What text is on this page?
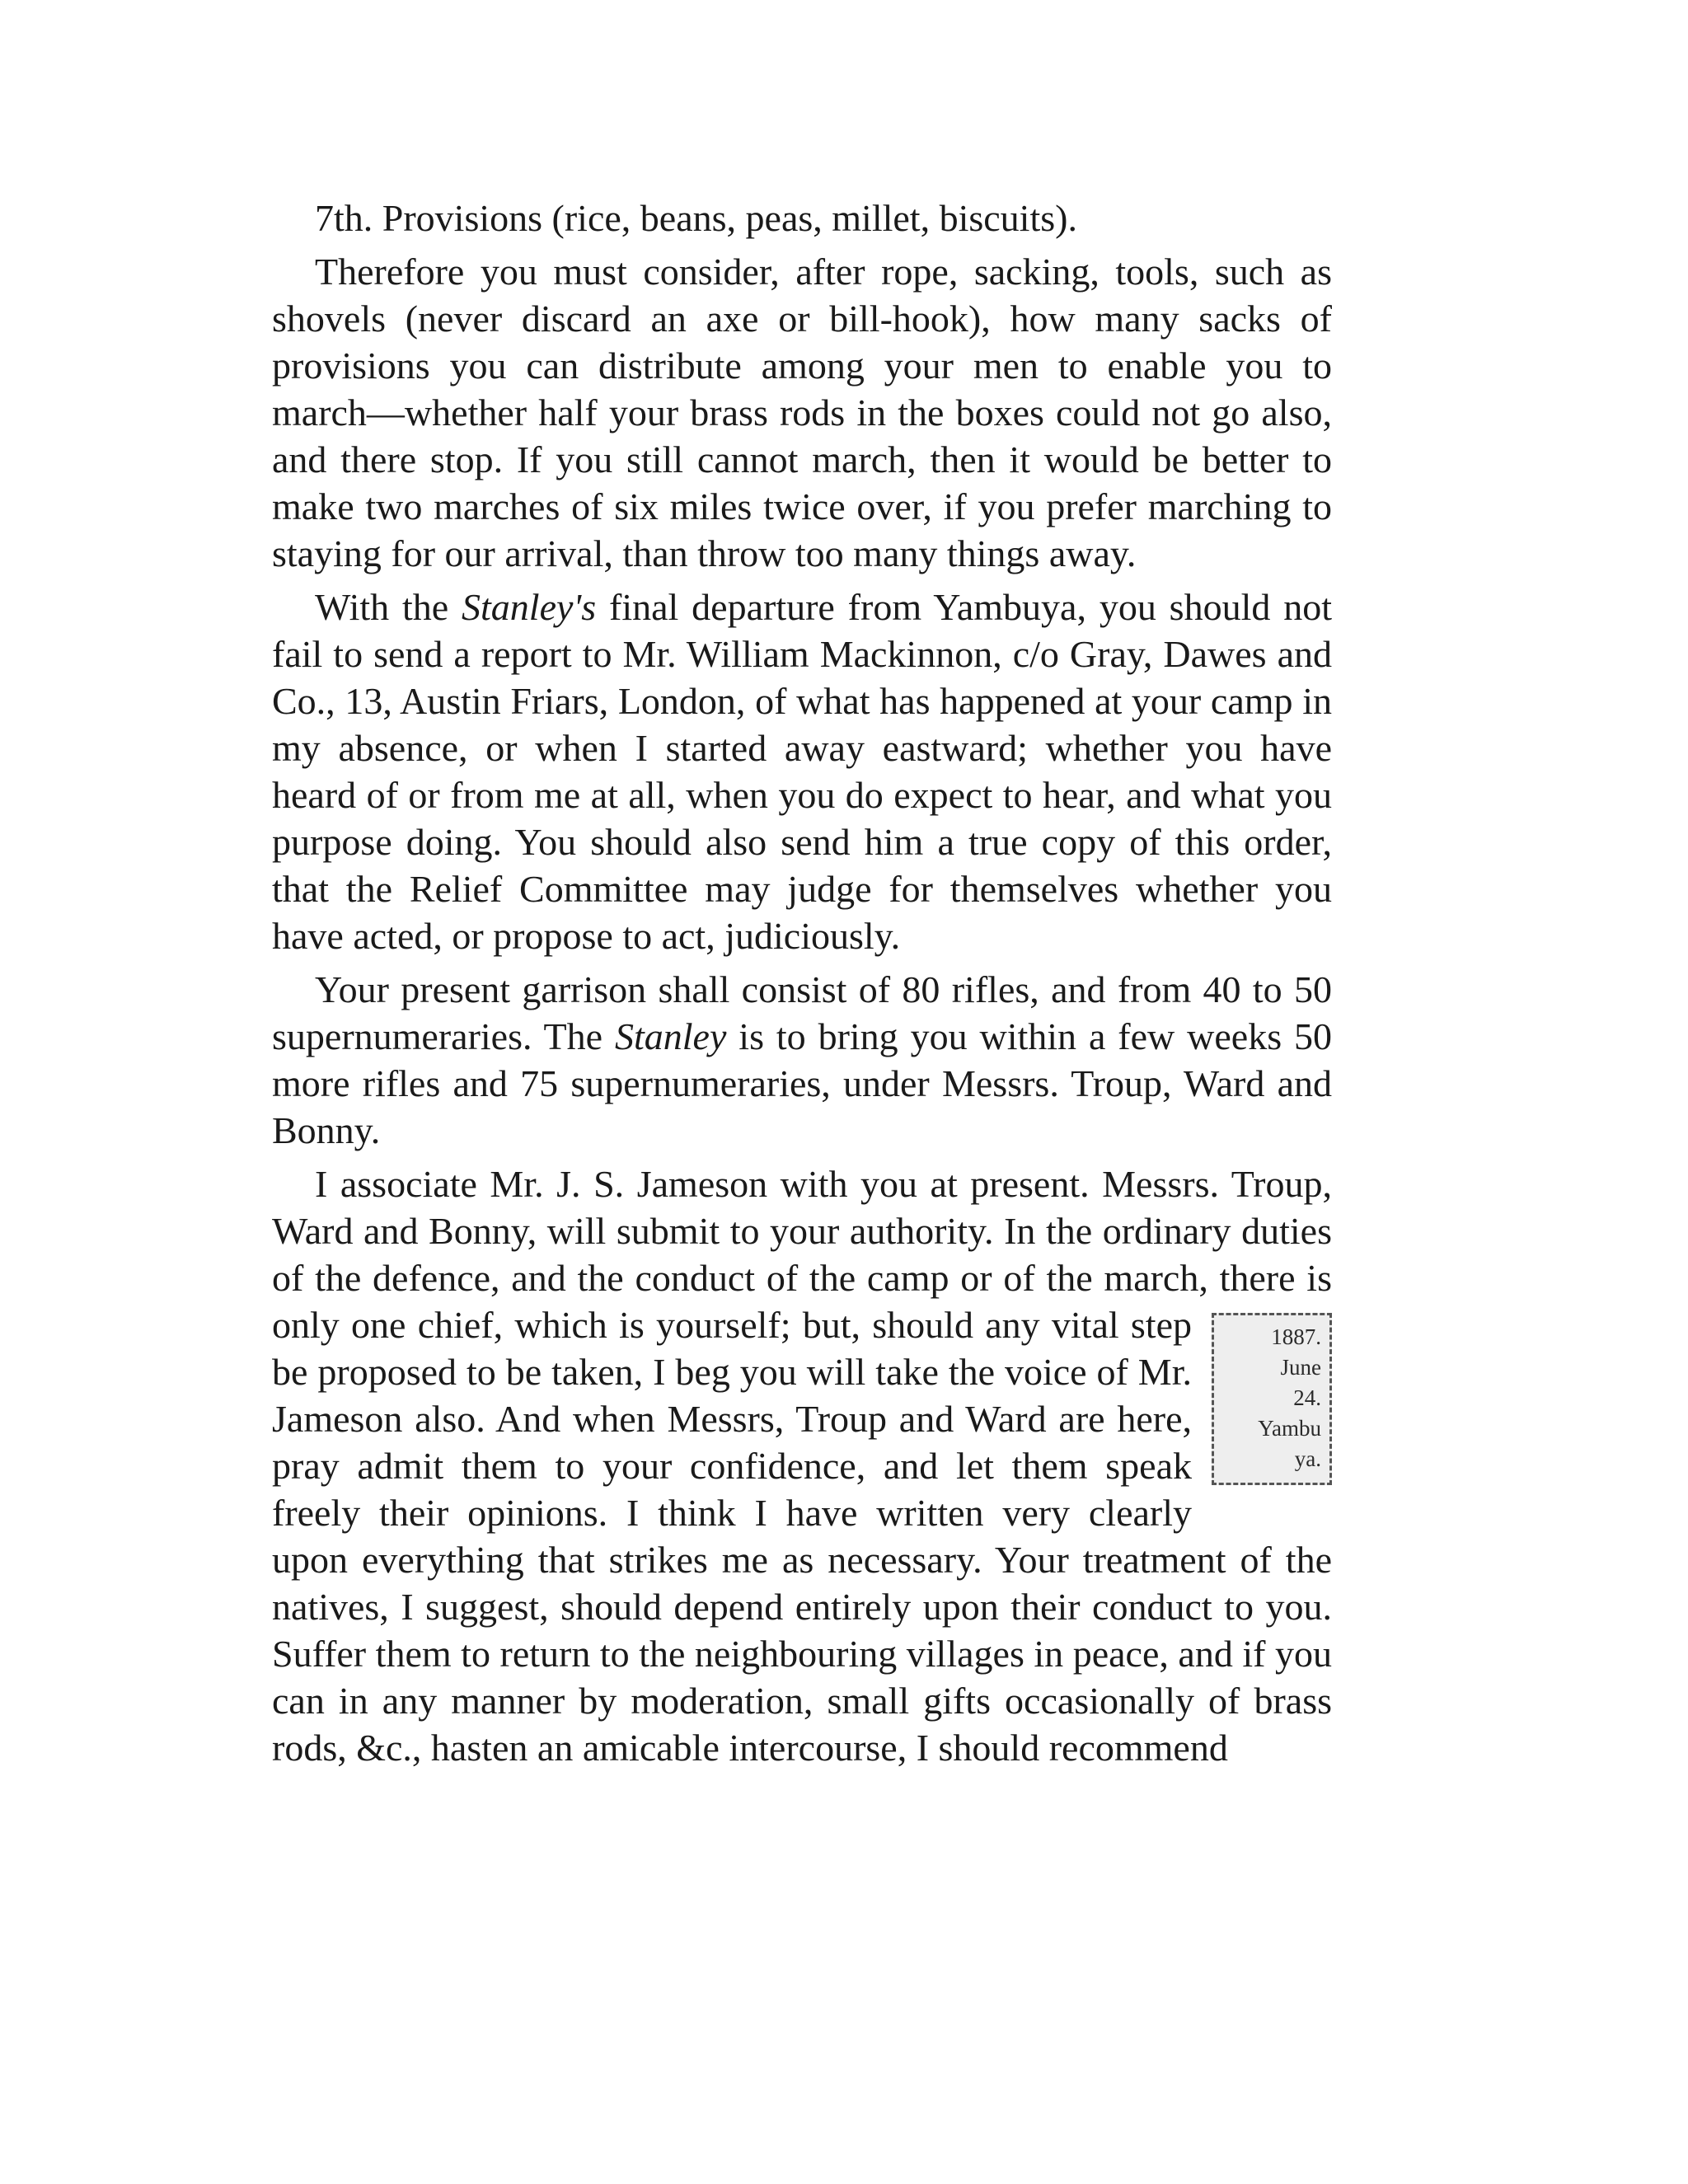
7th. Provisions (rice, beans, peas, millet, biscuits).

Therefore you must consider, after rope, sacking, tools, such as shovels (never discard an axe or bill-hook), how many sacks of provisions you can distribute among your men to enable you to march—whether half your brass rods in the boxes could not go also, and there stop. If you still cannot march, then it would be better to make two marches of six miles twice over, if you prefer marching to staying for our arrival, than throw too many things away.

With the Stanley's final departure from Yambuya, you should not fail to send a report to Mr. William Mackinnon, c/o Gray, Dawes and Co., 13, Austin Friars, London, of what has happened at your camp in my absence, or when I started away eastward; whether you have heard of or from me at all, when you do expect to hear, and what you purpose doing. You should also send him a true copy of this order, that the Relief Committee may judge for themselves whether you have acted, or propose to act, judiciously.

Your present garrison shall consist of 80 rifles, and from 40 to 50 supernumeraries. The Stanley is to bring you within a few weeks 50 more rifles and 75 supernumeraries, under Messrs. Troup, Ward and Bonny.

I associate Mr. J. S. Jameson with you at present. Messrs. Troup, Ward and Bonny, will submit to your authority. In the ordinary duties of the defence, and the conduct of the camp or of the march, there is only one chief, which is yourself;	1887.
June
24.
Yambu
ya.
but, should any vital step be proposed to be taken, I beg you will take the voice of Mr. Jameson also. And when Messrs, Troup and Ward are here, pray admit them to your confidence, and let them speak freely their opinions. I think I have written very clearly upon everything that strikes me as necessary. Your treatment of the natives, I suggest, should depend entirely upon their conduct to you. Suffer them to return to the neighbouring villages in peace, and if you can in any manner by moderation, small gifts occasionally of brass rods, &c., hasten an amicable intercourse, I should recommend
